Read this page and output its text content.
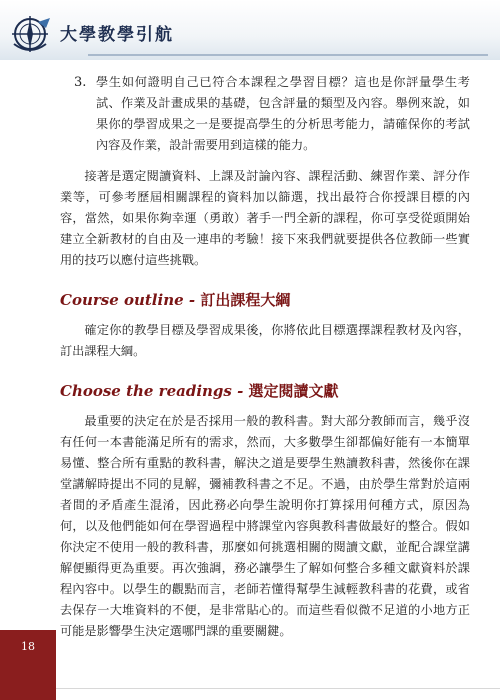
大學教學引航
3. 學生如何證明自己已符合本課程之學習目標？這也是你評量學生考試、作業及計畫成果的基礎，包含評量的類型及內容。舉例來說，如果你的學習成果之一是要提高學生的分析思考能力，請確保你的考試內容及作業，設計需要用到這樣的能力。

接著是選定閱讀資料、上課及討論內容、課程活動、練習作業、評分作業等，可參考歷屆相關課程的資料加以篩選，找出最符合你授課目標的內容，當然，如果你夠幸運（勇敢）著手一門全新的課程，你可享受從頭開始建立全新教材的自由及一連串的考驗！接下來我們就要提供各位教師一些實用的技巧以應付這些挑戰。

Course outline - 訂出課程大綱

確定你的教學目標及學習成果後，你將依此目標選擇課程教材及內容，訂出課程大綱。

Choose the readings - 選定閱讀文獻

最重要的決定在於是否採用一般的教科書。對大部分教師而言，幾乎沒有任何一本書能滿足所有的需求，然而，大多數學生卻都偏好能有一本簡單易懂、整合所有重點的教科書，解決之道是要學生熟讀教科書，然後你在課堂講解時提出不同的見解，彌補教科書之不足。不過，由於學生常對於這兩者間的矛盾產生混淆，因此務必向學生說明你打算採用何種方式，原因為何，以及他們能如何在學習過程中將課堂內容與教科書做最好的整合。假如你決定不使用一般的教科書，那麼如何挑選相關的閱讀文獻，並配合課堂講解便顯得更為重要。再次強調，務必讓學生了解如何整合多種文獻資料於課程內容中。以學生的觀點而言，老師若懂得幫學生減輕教科書的花費，或省去保存一大堆資料的不便，是非常貼心的。而這些看似微不足道的小地方正可能是影響學生決定選哪門課的重要關鍵。

18
